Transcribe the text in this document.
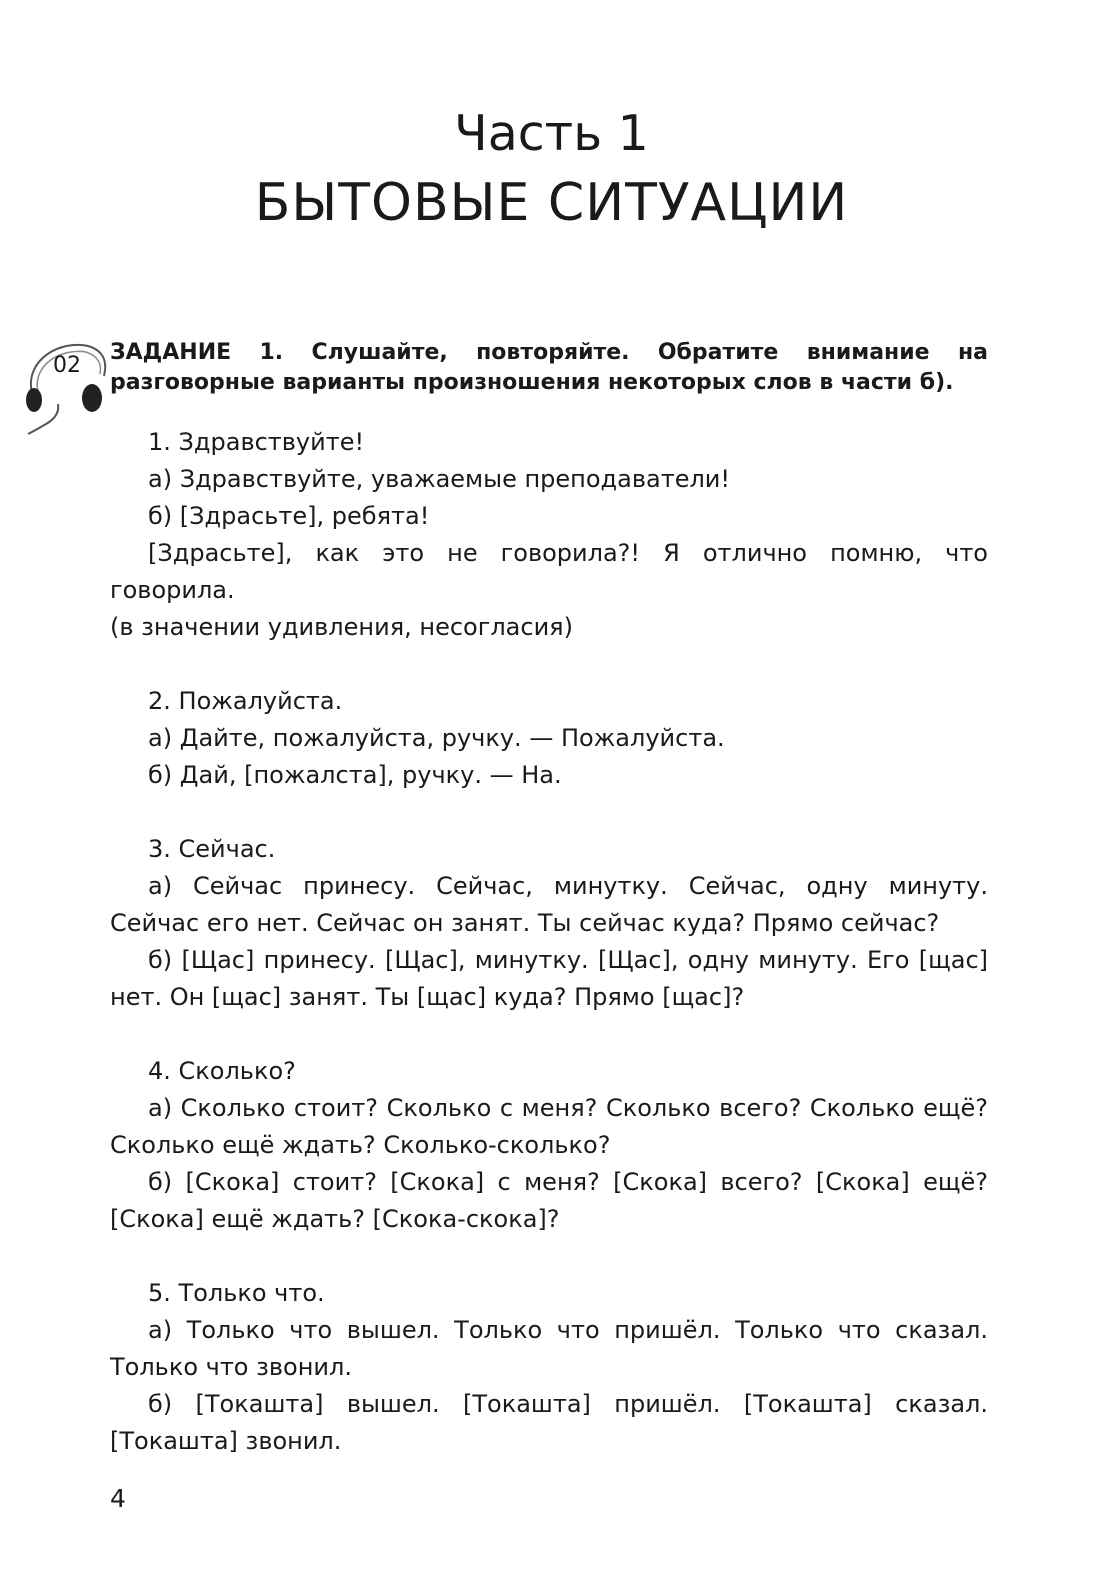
Часть 1
БЫТОВЫЕ СИТУАЦИИ
02

ЗАДАНИЕ 1. Слушайте, повторяйте. Обратите внимание на разговорные варианты произношения некоторых слов в части б).

1. Здравствуйте!

а) Здравствуйте, уважаемые преподаватели!

б) [Здрасьте], ребята!

[Здрасьте], как это не говорила?! Я отлично помню, что говорила.

(в значении удивления, несогласия)

2. Пожалуйста.

а) Дайте, пожалуйста, ручку. — Пожалуйста.

б) Дай, [пожалста], ручку. — На.

3. Сейчас.

а) Сейчас принесу. Сейчас, минутку. Сейчас, одну минуту. Сейчас его нет. Сейчас он занят. Ты сейчас куда? Прямо сейчас?

б) [Щас] принесу. [Щас], минутку. [Щас], одну минуту. Его [щас] нет. Он [щас] занят. Ты [щас] куда? Прямо [щас]?

4. Сколько?

а) Сколько стоит? Сколько с меня? Сколько всего? Сколько ещё? Сколько ещё ждать? Сколько-сколько?

б) [Скока] стоит? [Скока] с меня? [Скока] всего? [Скока] ещё? [Скока] ещё ждать? [Скока-скока]?

5. Только что.

а) Только что вышел. Только что пришёл. Только что сказал. Только что звонил.

б) [Токашта] вышел. [Токашта] пришёл. [Токашта] сказал. [Токашта] звонил.

4
